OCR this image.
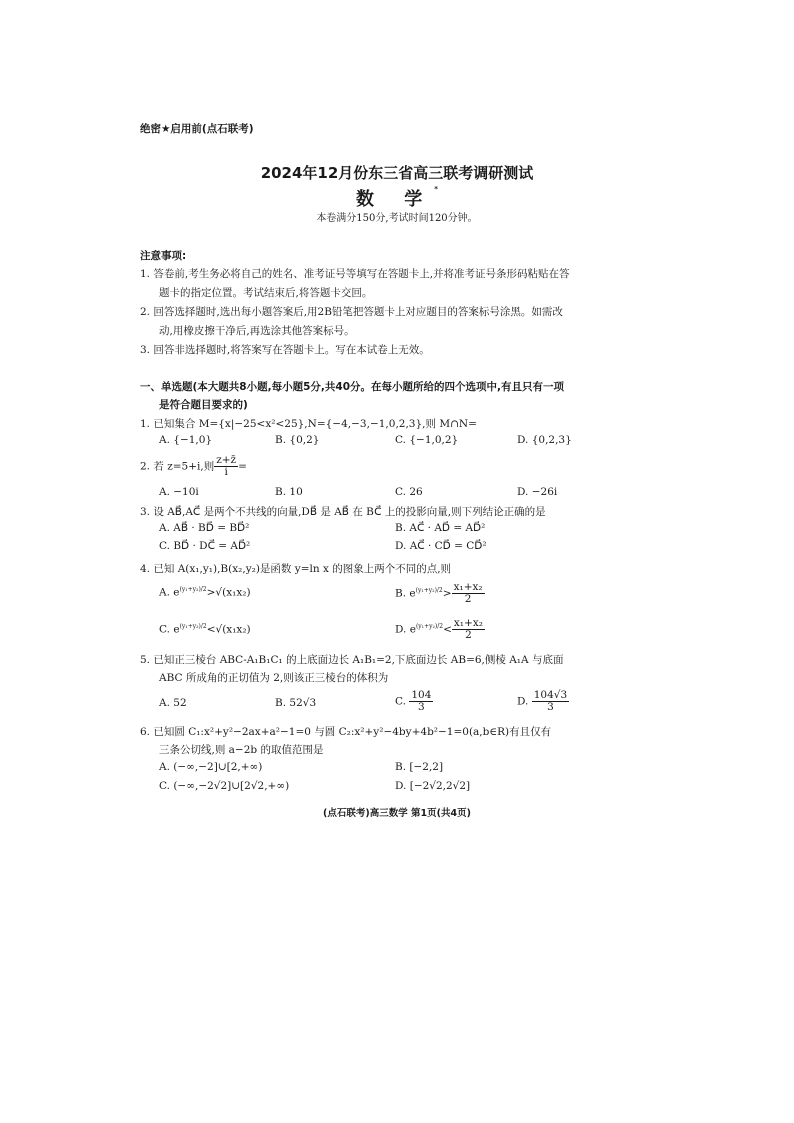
绝密★启用前(点石联考)
2024年12月份东三省高三联考调研测试
数 学*
本卷满分150分,考试时间120分钟。
注意事项:
1. 答卷前,考生务必将自己的姓名、准考证号等填写在答题卡上,并将准考证号条形码粘贴在答
题卡的指定位置。考试结束后,将答题卡交回。
2. 回答选择题时,选出每小题答案后,用2B铅笔把答题卡上对应题目的答案标号涂黑。如需改
动,用橡皮擦干净后,再选涂其他答案标号。
3. 回答非选择题时,将答案写在答题卡上。写在本试卷上无效。
一、单选题(本大题共8小题,每小题5分,共40分。在每小题所给的四个选项中,有且只有一项
是符合题目要求的)
1. 已知集合 M={x|−25<x²<25},N={−4,−3,−1,0,2,3},则 M∩N=
A. {−1,0}	B. {0,2}	C. {−1,0,2}	D. {0,2,3}
2. 若 z=5+i,则 $\frac{z+z̄}{i}$ =
A. −10i	B. 10	C. 26	D. −26i
3. 设 AB⃗,AC⃗ 是两个不共线的向量,DB⃗ 是 AB⃗ 在 BC⃗ 上的投影向量,则下列结论正确的是
A. AB⃗ · BD⃗ = BD⃗²	B. AC⃗ · AD⃗ = AD⃗²
C. BD⃗ · DC⃗ = AD⃗²	D. AC⃗ · CD⃗ = CD⃗²
4. 已知 A(x₁,y₁),B(x₂,y₂)是函数 y=ln x 的图象上两个不同的点,则
A. $e^{(y_1+y_2)/2}>√(x_1x_2)$	B. $e^{(y_1+y_2)/2}> \frac{\text{x₁+x₂}}{2}$
C. $e^{(y_1+y_2)/2}<√(x_1x_2)$	D. $e^{(y_1+y_2)/2}< \frac{\text{x₁+x₂}}{2}$
5. 已知正三棱台 ABC-A₁B₁C₁ 的上底面边长 A₁B₁=2,下底面边长 AB=6,侧棱 A₁A 与底面
ABC 所成角的正切值为 2,则该正三棱台的体积为
A. 52	B. 52√3	C. $\frac{104}{3}$	D. $\frac{104√3}{3}$
6. 已知圆 C₁:x²+y²−2ax+a²−1=0 与圆 C₂:x²+y²−4by+4b²−1=0(a,b∈R)有且仅有
三条公切线,则 a−2b 的取值范围是
A. (−∞,−2]∪[2,+∞)	B. [−2,2]
C. (−∞,−2√2]∪[2√2,+∞)	D. [−2√2,2√2]
(点石联考)高三数学 第1页(共4页)
